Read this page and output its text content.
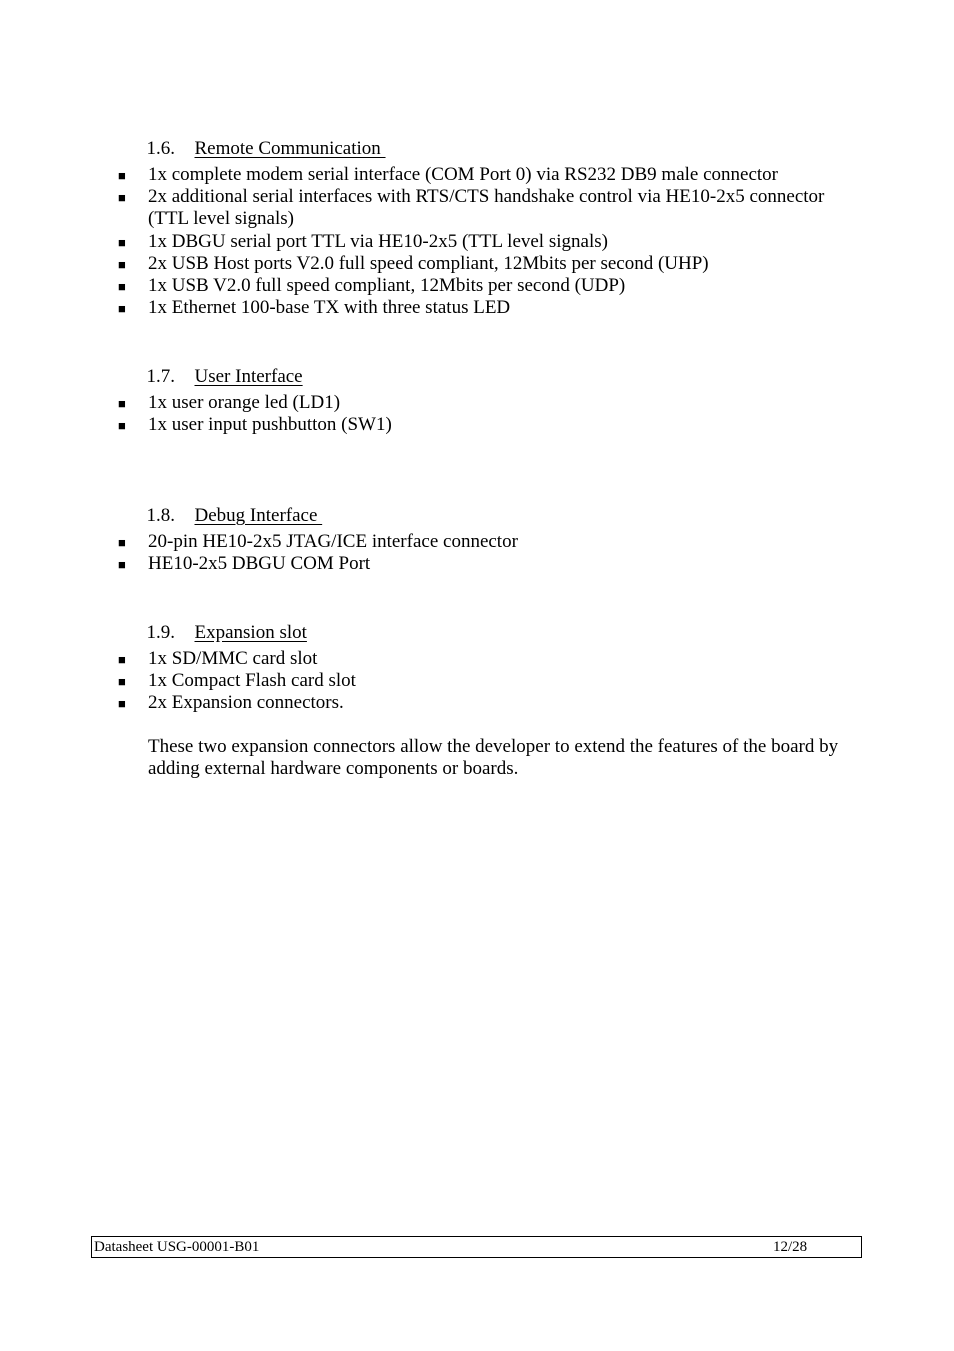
1.6. Remote Communication

■ 1x complete modem serial interface (COM Port 0) via RS232 DB9 male connector
■ 2x additional serial interfaces with RTS/CTS handshake control via HE10-2x5 connector
(TTL level signals)
■ 1x DBGU serial port TTL via HE10-2x5 (TTL level signals)
■ 2x USB Host ports V2.0 full speed compliant, 12Mbits per second (UHP)
■ 1x USB V2.0 full speed compliant, 12Mbits per second (UDP)
■ 1x Ethernet 100-base TX with three status LED

1.7. User Interface

■ 1x user orange led (LD1)
■ 1x user input pushbutton (SW1)

1.8. Debug Interface

■ 20-pin HE10-2x5 JTAG/ICE interface connector
■ HE10-2x5 DBGU COM Port

1.9. Expansion slot

■ 1x SD/MMC card slot
■ 1x Compact Flash card slot
■ 2x Expansion connectors.
These two expansion connectors allow the developer to extend the features of the board by adding external hardware components or boards.
Datasheet USG-00001-B01	12/28
